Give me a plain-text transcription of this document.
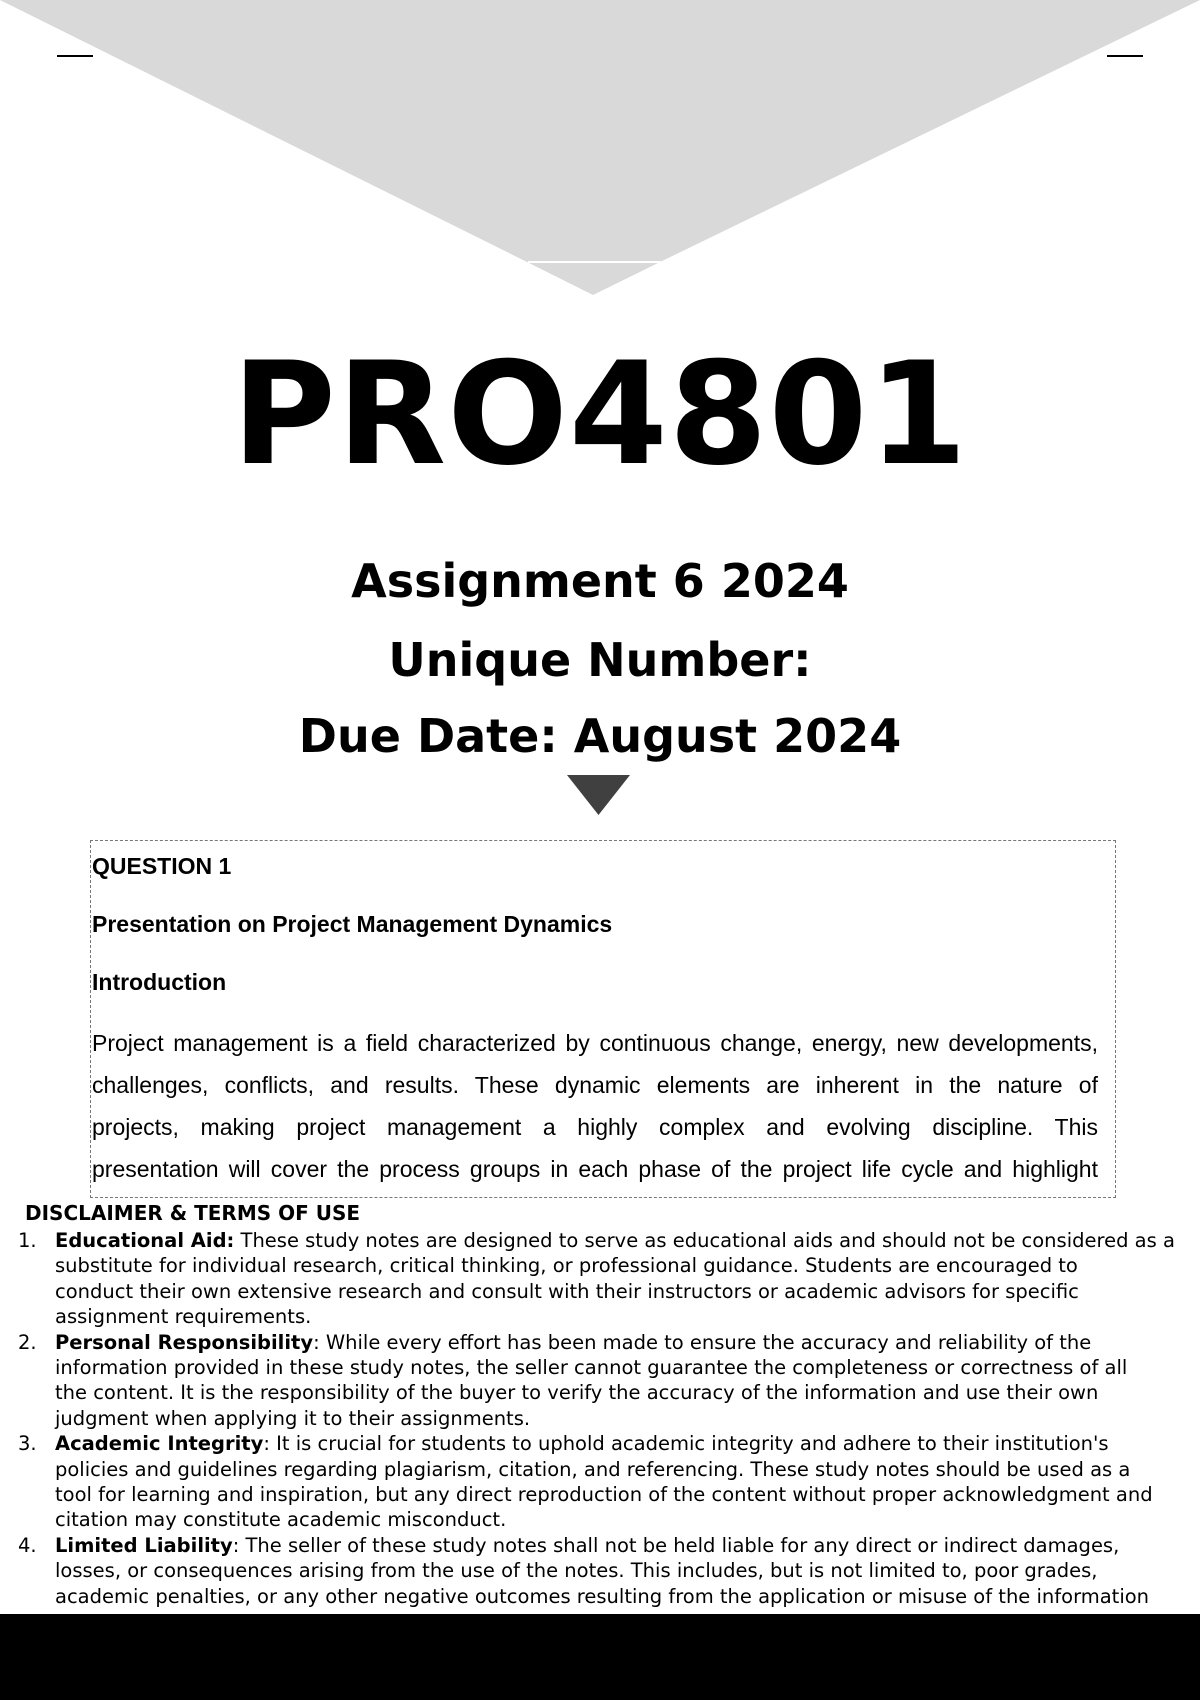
PRO4801
Assignment 6 2024
Unique Number:
Due Date: August 2024
QUESTION 1
Presentation on Project Management Dynamics
Introduction

Project management is a field characterized by continuous change, energy, new developments,
challenges, conflicts, and results. These dynamic elements are inherent in the nature of
projects, making project management a highly complex and evolving discipline. This
presentation will cover the process groups in each phase of the project life cycle and highlight

DISCLAIMER & TERMS OF USE
1. Educational Aid: These study notes are designed to serve as educational aids and should not be considered as a
substitute for individual research, critical thinking, or professional guidance. Students are encouraged to
conduct their own extensive research and consult with their instructors or academic advisors for specific
assignment requirements.
2. Personal Responsibility: While every effort has been made to ensure the accuracy and reliability of the
information provided in these study notes, the seller cannot guarantee the completeness or correctness of all
the content. It is the responsibility of the buyer to verify the accuracy of the information and use their own
judgment when applying it to their assignments.
3. Academic Integrity: It is crucial for students to uphold academic integrity and adhere to their institution's
policies and guidelines regarding plagiarism, citation, and referencing. These study notes should be used as a
tool for learning and inspiration, but any direct reproduction of the content without proper acknowledgment and
citation may constitute academic misconduct.
4. Limited Liability: The seller of these study notes shall not be held liable for any direct or indirect damages,
losses, or consequences arising from the use of the notes. This includes, but is not limited to, poor grades,
academic penalties, or any other negative outcomes resulting from the application or misuse of the information
